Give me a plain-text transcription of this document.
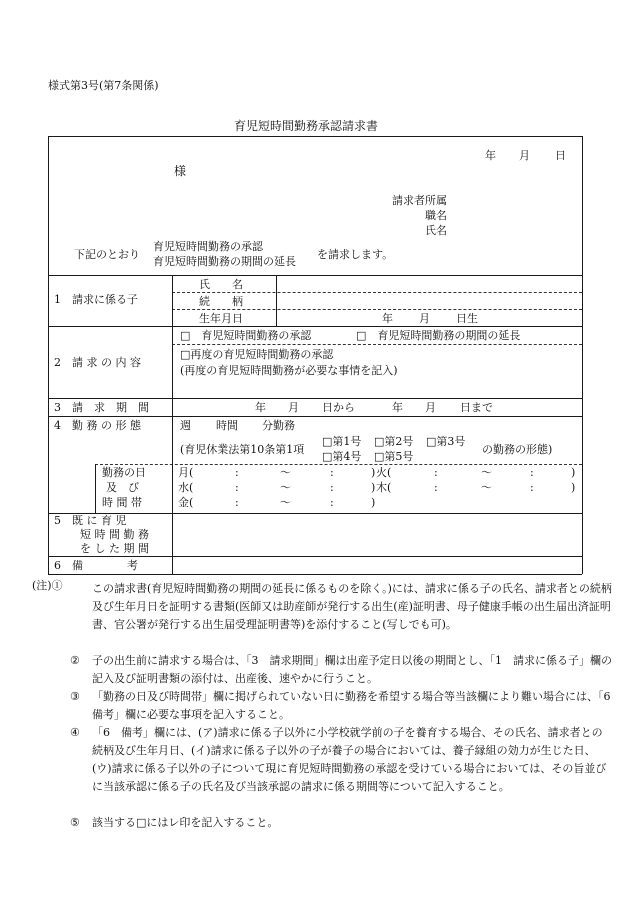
様式第3号(第7条関係)
育児短時間勤務承認請求書
年 月 日
様
請求者所属
職名
氏名
下記のとおり
育児短時間勤務の承認
育児短時間勤務の期間の延長
を請求します。
1　請求に係る子
氏　　名
続　　柄
生年月日	年 月 日生
2　請 求 の 内 容
□　育児短時間勤務の承認	□　育児短時間勤務の期間の延長
□再度の育児短時間勤務の承認
(再度の育児短時間勤務が必要な事情を記入)
3　請　求　期　間	年 月 日から	年 月 日まで
4　勤 務 の 形 態	週 時間 分勤務
(育児休業法第10条第1項
□第1号 □第2号 □第3号
□第4号 □第5号
の勤務の形態)
勤務の日
及　び
時 間 帯
月(	:	〜	:	) 火(	:	〜	:	)
水(	:	〜	:	) 木(	:	〜	:	)
金(	:	〜	:	)
5　既 に 育 児
短 時 間 勤 務
を し た 期 間
6　備　　　　考
(注)①	この請求書(育児短時間勤務の期間の延長に係るものを除く。)には、請求に係る子の氏名、請求者との続柄及び生年月日を証明する書類(医師又は助産師が発行する出生(産)証明書、母子健康手帳の出生届出済証明書、官公署が発行する出生届受理証明書等)を添付すること(写しでも可)。
② 子の出生前に請求する場合は、「3　請求期間」欄は出産予定日以後の期間とし、「1　請求に係る子」欄の記入及び証明書類の添付は、出産後、速やかに行うこと。
③ 「勤務の日及び時間帯」欄に掲げられていない日に勤務を希望する場合等当該欄により難い場合には、「6　備考」欄に必要な事項を記入すること。
④ 「6　備考」欄には、(ア)請求に係る子以外に小学校就学前の子を養育する場合、その氏名、請求者との続柄及び生年月日、(イ)請求に係る子以外の子が養子の場合においては、養子縁組の効力が生じた日、(ウ)請求に係る子以外の子について現に育児短時間勤務の承認を受けている場合においては、その旨並びに当該承認に係る子の氏名及び当該承認の請求に係る期間等について記入すること。
⑤ 該当する□にはレ印を記入すること。
